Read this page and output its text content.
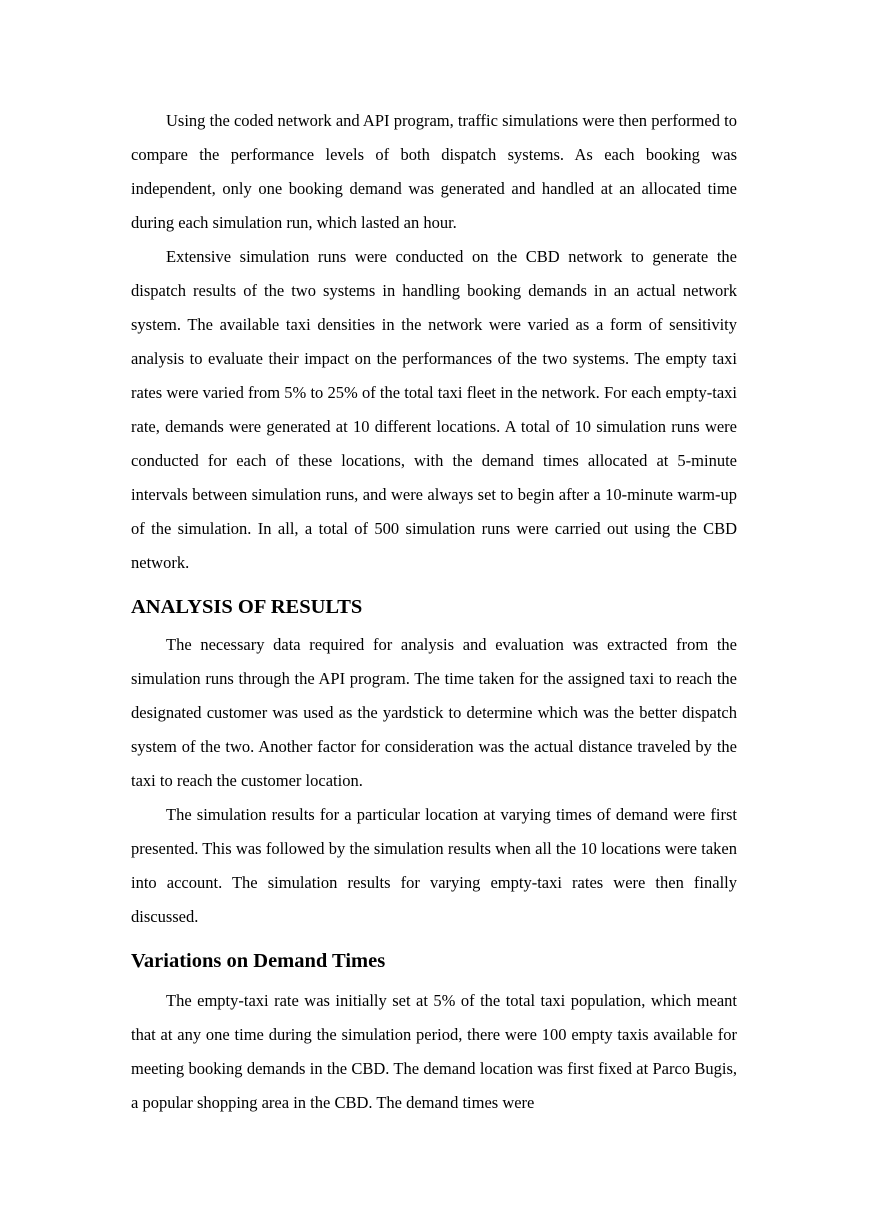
Using the coded network and API program, traffic simulations were then performed to compare the performance levels of both dispatch systems. As each booking was independent, only one booking demand was generated and handled at an allocated time during each simulation run, which lasted an hour.

Extensive simulation runs were conducted on the CBD network to generate the dispatch results of the two systems in handling booking demands in an actual network system. The available taxi densities in the network were varied as a form of sensitivity analysis to evaluate their impact on the performances of the two systems. The empty taxi rates were varied from 5% to 25% of the total taxi fleet in the network. For each empty-taxi rate, demands were generated at 10 different locations. A total of 10 simulation runs were conducted for each of these locations, with the demand times allocated at 5-minute intervals between simulation runs, and were always set to begin after a 10-minute warm-up of the simulation. In all, a total of 500 simulation runs were carried out using the CBD network.

ANALYSIS OF RESULTS

The necessary data required for analysis and evaluation was extracted from the simulation runs through the API program. The time taken for the assigned taxi to reach the designated customer was used as the yardstick to determine which was the better dispatch system of the two. Another factor for consideration was the actual distance traveled by the taxi to reach the customer location.

The simulation results for a particular location at varying times of demand were first presented. This was followed by the simulation results when all the 10 locations were taken into account. The simulation results for varying empty-taxi rates were then finally discussed.

Variations on Demand Times

The empty-taxi rate was initially set at 5% of the total taxi population, which meant that at any one time during the simulation period, there were 100 empty taxis available for meeting booking demands in the CBD. The demand location was first fixed at Parco Bugis, a popular shopping area in the CBD. The demand times were
